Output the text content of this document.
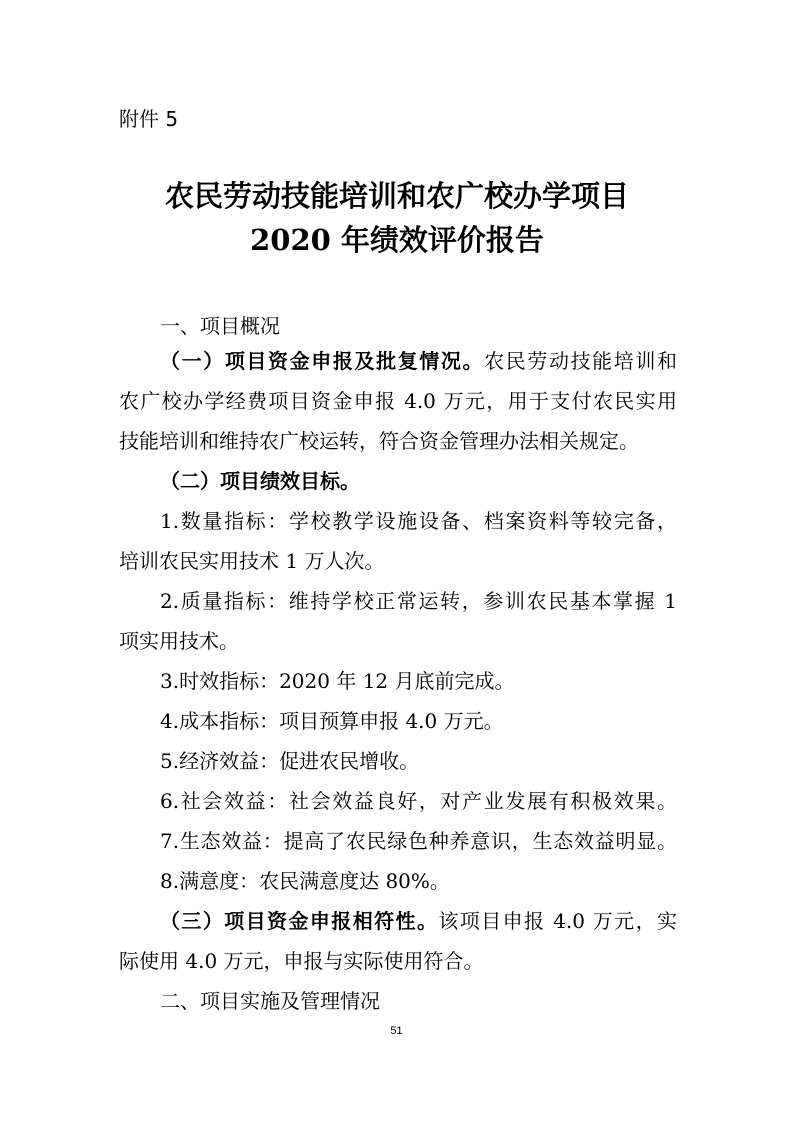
附件 5
农民劳动技能培训和农广校办学项目
2020 年绩效评价报告
一、项目概况
（一）项目资金申报及批复情况。农民劳动技能培训和
农广校办学经费项目资金申报 4.0 万元，用于支付农民实用
技能培训和维持农广校运转，符合资金管理办法相关规定。
（二）项目绩效目标。
1.数量指标：学校教学设施设备、档案资料等较完备，
培训农民实用技术 1 万人次。
2.质量指标：维持学校正常运转，参训农民基本掌握 1
项实用技术。
3.时效指标：2020 年 12 月底前完成。
4.成本指标：项目预算申报 4.0 万元。
5.经济效益：促进农民增收。
6.社会效益：社会效益良好，对产业发展有积极效果。
7.生态效益：提高了农民绿色种养意识，生态效益明显。
8.满意度：农民满意度达 80%。
（三）项目资金申报相符性。该项目申报 4.0 万元，实
际使用 4.0 万元，申报与实际使用符合。
二、项目实施及管理情况
51
